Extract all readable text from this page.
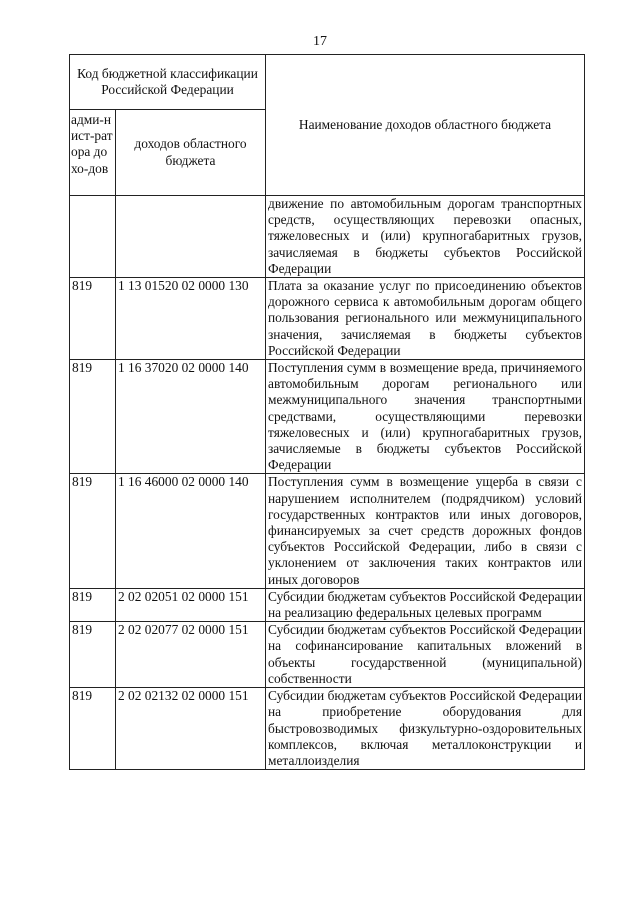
17
Код бюджетной классификации Российской Федерации		Наименование доходов областного бюджета
адми-нист-ратора дохо-дов	доходов областного бюджета	
		движение по автомобильным дорогам транспортных средств, осуществляющих перевозки опасных, тяжеловесных и (или) крупногабаритных грузов, зачисляемая в бюджеты субъектов Российской Федерации
819	1 13 01520 02 0000 130	Плата за оказание услуг по присоединению объектов дорожного сервиса к автомобильным дорогам общего пользования регионального или межмуниципального значения, зачисляемая в бюджеты субъектов Российской Федерации
819	1 16 37020 02 0000 140	Поступления сумм в возмещение вреда, причиняемого автомобильным дорогам регионального или межмуниципального значения транспортными средствами, осуществляющими перевозки тяжеловесных и (или) крупногабаритных грузов, зачисляемые в бюджеты субъектов Российской Федерации
819	1 16 46000 02 0000 140	Поступления сумм в возмещение ущерба в связи с нарушением исполнителем (подрядчиком) условий государственных контрактов или иных договоров, финансируемых за счет средств дорожных фондов субъектов Российской Федерации, либо в связи с уклонением от заключения таких контрактов или иных договоров
819	2 02 02051 02 0000 151	Субсидии бюджетам субъектов Российской Федерации на реализацию федеральных целевых программ
819	2 02 02077 02 0000 151	Субсидии бюджетам субъектов Российской Федерации на софинансирование капитальных вложений в объекты государственной (муниципальной) собственности
819	2 02 02132 02 0000 151	Субсидии бюджетам субъектов Российской Федерации на приобретение оборудования для быстровозводимых физкультурно-оздоровительных комплексов, включая металлоконструкции и металлоизделия
